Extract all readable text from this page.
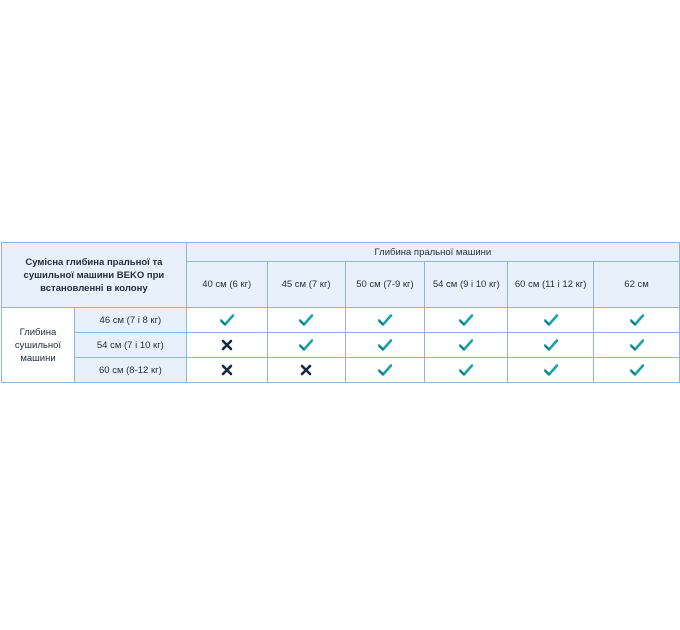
Сумісна глибина пральної та сушильної машини BEKO при встановленні в колону		Глибина пральної машини					
		40 см (6 кг)	45 см (7 кг)	50 см (7-9 кг)	54 см (9 і 10 кг)	60 см (11 і 12 кг)	62 см
Глибина сушильної машини	46 см (7 і 8 кг)	

	54 см (7 і 10 кг)	

	60 см (8-12 кг)	
